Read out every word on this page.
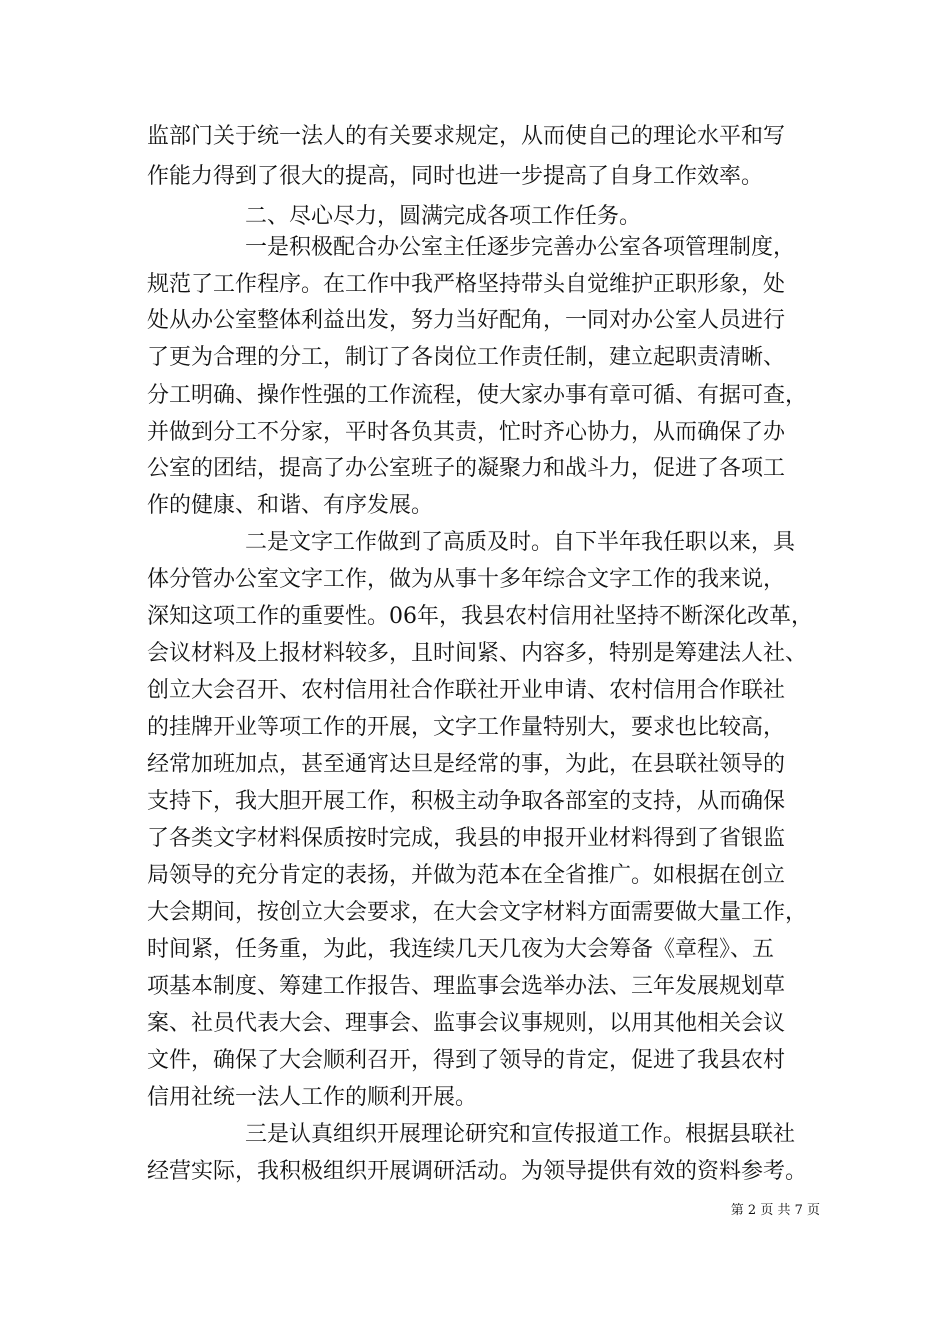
监部门关于统一法人的有关要求规定，从而使自己的理论水平和写
作能力得到了很大的提高，同时也进一步提高了自身工作效率。
二、尽心尽力，圆满完成各项工作任务。
一是积极配合办公室主任逐步完善办公室各项管理制度，
规范了工作程序。在工作中我严格坚持带头自觉维护正职形象，处
处从办公室整体利益出发，努力当好配角，一同对办公室人员进行
了更为合理的分工，制订了各岗位工作责任制，建立起职责清晰、
分工明确、操作性强的工作流程，使大家办事有章可循、有据可查，
并做到分工不分家，平时各负其责，忙时齐心协力，从而确保了办
公室的团结，提高了办公室班子的凝聚力和战斗力，促进了各项工
作的健康、和谐、有序发展。
二是文字工作做到了高质及时。自下半年我任职以来，具
体分管办公室文字工作，做为从事十多年综合文字工作的我来说，
深知这项工作的重要性。06年，我县农村信用社坚持不断深化改革，
会议材料及上报材料较多，且时间紧、内容多，特别是筹建法人社、
创立大会召开、农村信用社合作联社开业申请、农村信用合作联社
的挂牌开业等项工作的开展，文字工作量特别大，要求也比较高，
经常加班加点，甚至通宵达旦是经常的事，为此，在县联社领导的
支持下，我大胆开展工作，积极主动争取各部室的支持，从而确保
了各类文字材料保质按时完成，我县的申报开业材料得到了省银监
局领导的充分肯定的表扬，并做为范本在全省推广。如根据在创立
大会期间，按创立大会要求，在大会文字材料方面需要做大量工作，
时间紧，任务重，为此，我连续几天几夜为大会筹备《章程》、五
项基本制度、筹建工作报告、理监事会选举办法、三年发展规划草
案、社员代表大会、理事会、监事会议事规则，以用其他相关会议
文件，确保了大会顺利召开，得到了领导的肯定，促进了我县农村
信用社统一法人工作的顺利开展。
三是认真组织开展理论研究和宣传报道工作。根据县联社
经营实际，我积极组织开展调研活动。为领导提供有效的资料参考。
第 2 页 共 7 页
